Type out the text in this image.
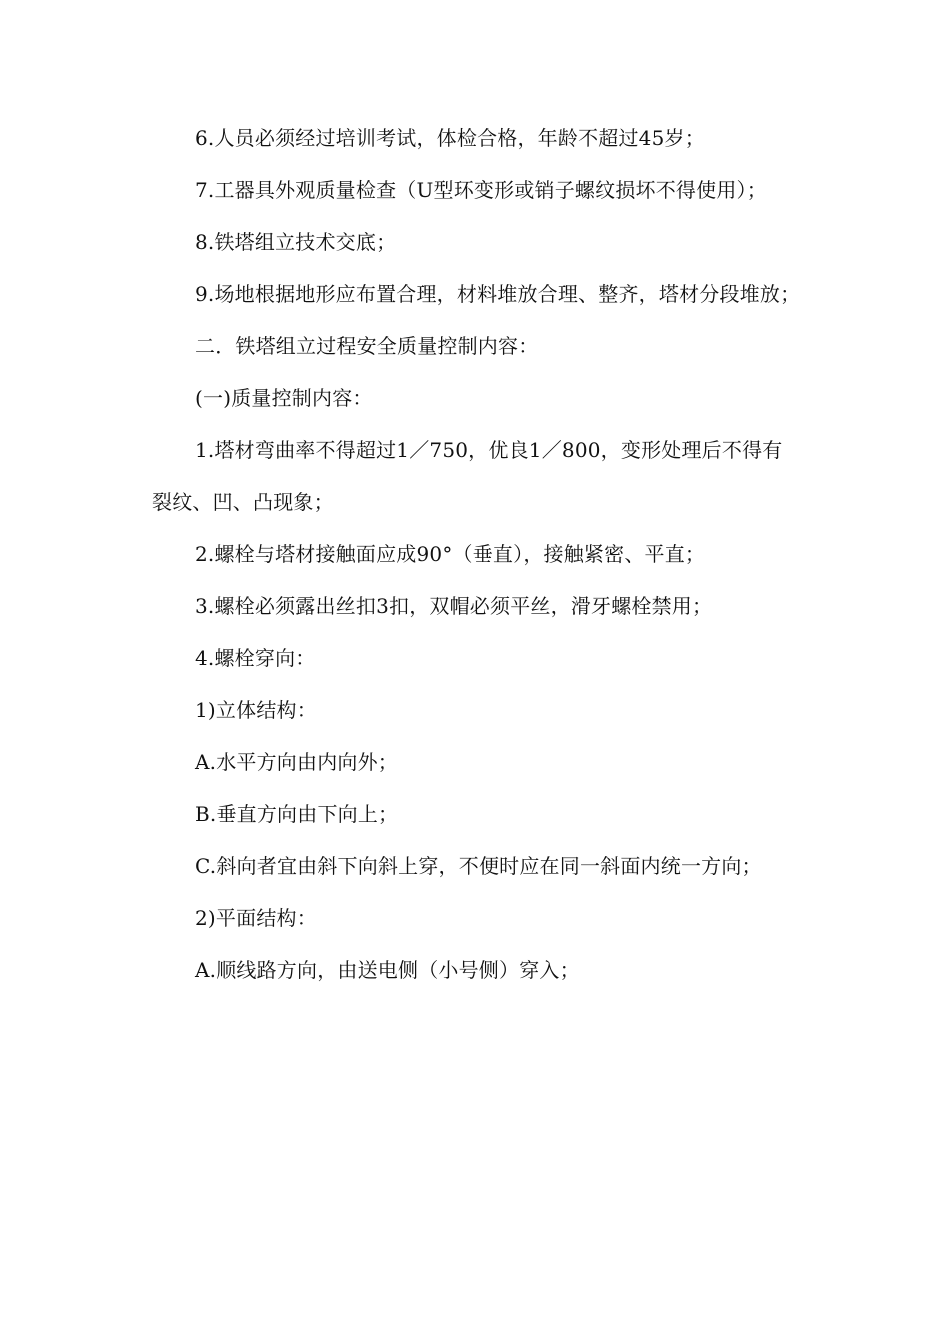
6.人员必须经过培训考试，体检合格，年龄不超过45岁；

7.工器具外观质量检查（U型环变形或销子螺纹损坏不得使用）；

8.铁塔组立技术交底；

9.场地根据地形应布置合理，材料堆放合理、整齐，塔材分段堆放；

二．铁塔组立过程安全质量控制内容：

(一)质量控制内容：

1.塔材弯曲率不得超过1／750，优良1／800，变形处理后不得有裂纹、凹、凸现象；

2.螺栓与塔材接触面应成90°（垂直），接触紧密、平直；

3.螺栓必须露出丝扣3扣，双帽必须平丝，滑牙螺栓禁用；

4.螺栓穿向：

1)立体结构：

A.水平方向由内向外；

B.垂直方向由下向上；

C.斜向者宜由斜下向斜上穿，不便时应在同一斜面内统一方向；

2)平面结构：

A.顺线路方向，由送电侧（小号侧）穿入；
